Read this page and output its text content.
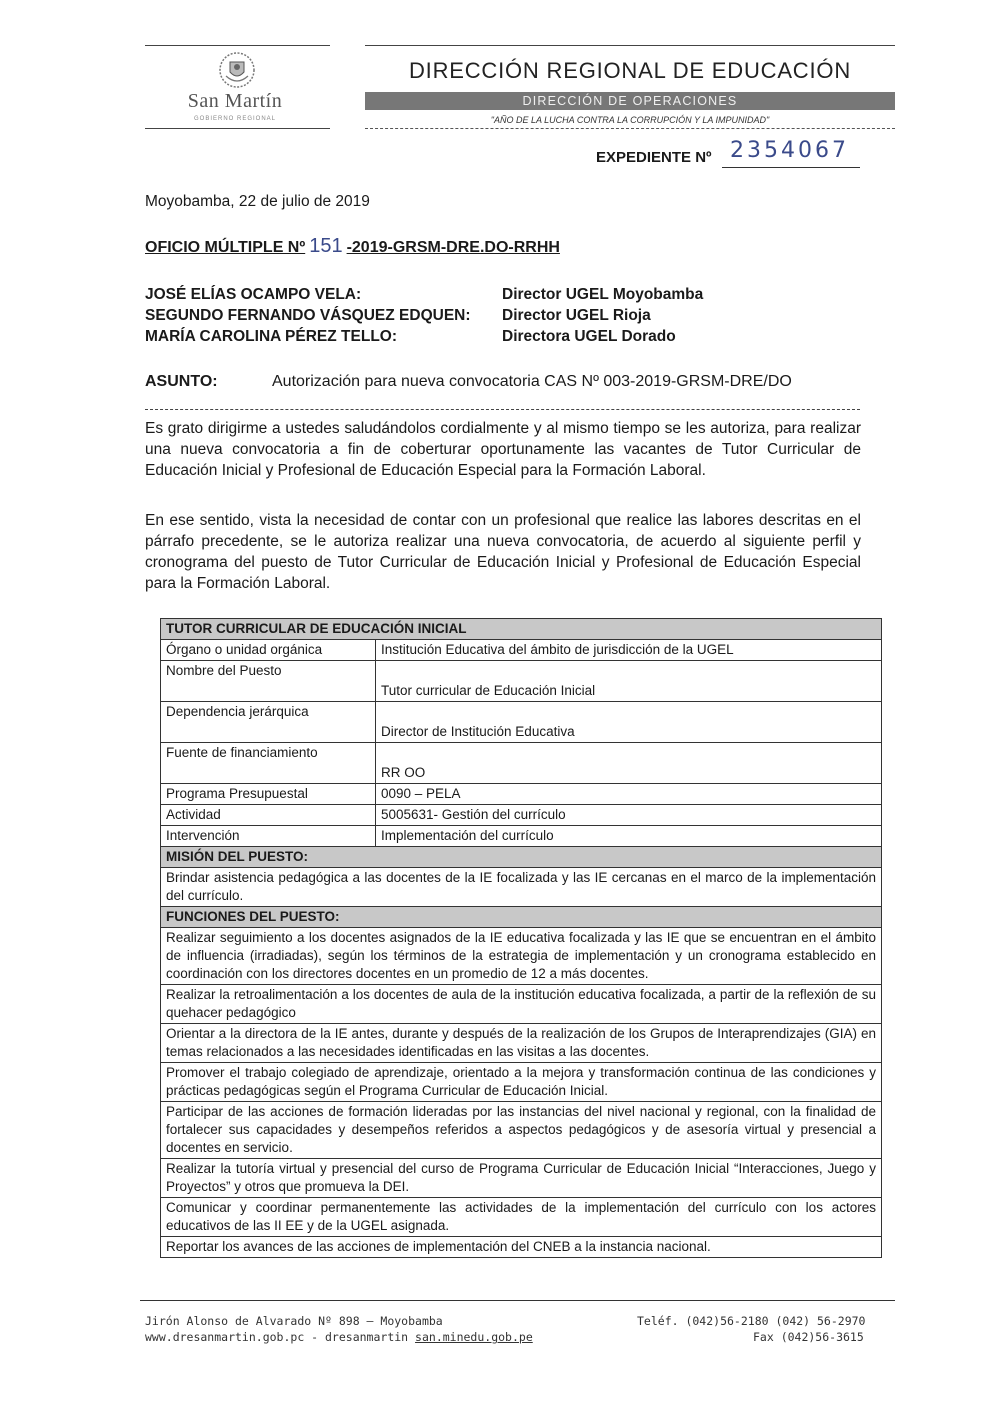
San Martín
GOBIERNO REGIONAL
DIRECCIÓN REGIONAL DE EDUCACIÓN
DIRECCIÓN DE OPERACIONES
"AÑO DE LA LUCHA CONTRA LA CORRUPCIÓN Y LA IMPUNIDAD"
EXPEDIENTE Nº 2354067
Moyobamba, 22 de julio de 2019
OFICIO MÚLTIPLE Nº 151 -2019-GRSM-DRE.DO-RRHH
JOSÉ ELÍAS OCAMPO VELA:	Director UGEL Moyobamba
SEGUNDO FERNANDO VÁSQUEZ EDQUEN: Director UGEL Rioja
MARÍA CAROLINA PÉREZ TELLO:	Directora UGEL Dorado
ASUNTO:	Autorización para nueva convocatoria CAS Nº 003-2019-GRSM-DRE/DO
Es grato dirigirme a ustedes saludándolos cordialmente y al mismo tiempo se les autoriza, para realizar una nueva convocatoria a fin de coberturar oportunamente las vacantes de Tutor Curricular de Educación Inicial y Profesional de Educación Especial para la Formación Laboral.
En ese sentido, vista la necesidad de contar con un profesional que realice las labores descritas en el párrafo precedente, se le autoriza realizar una nueva convocatoria, de acuerdo al siguiente perfil y cronograma del puesto de Tutor Curricular de Educación Inicial y Profesional de Educación Especial para la Formación Laboral.
TUTOR CURRICULAR DE EDUCACIÓN INICIAL	
Órgano o unidad orgánica	Institución Educativa del ámbito de jurisdicción de la UGEL
Nombre del Puesto	Tutor curricular de Educación Inicial
Dependencia jerárquica	Director de Institución Educativa
Fuente de financiamiento	RR OO
Programa Presupuestal	0090 – PELA
Actividad	5005631- Gestión del currículo
Intervención	Implementación del currículo
MISIÓN DEL PUESTO:	
Brindar asistencia pedagógica a las docentes de la IE focalizada y las IE cercanas en el marco de la implementación del currículo.	
FUNCIONES DEL PUESTO:	
Realizar seguimiento a los docentes asignados de la IE educativa focalizada y las IE que se encuentran en el ámbito de influencia (irradiadas), según los términos de la estrategia de implementación y un cronograma establecido en coordinación con los directores docentes en un promedio de 12 a más docentes.	
Realizar la retroalimentación a los docentes de aula de la institución educativa focalizada, a partir de la reflexión de su quehacer pedagógico	
Orientar a la directora de la IE antes, durante y después de la realización de los Grupos de Interaprendizajes (GIA) en temas relacionados a las necesidades identificadas en las visitas a las docentes.	
Promover el trabajo colegiado de aprendizaje, orientado a la mejora y transformación continua de las condiciones y prácticas pedagógicas según el Programa Curricular de Educación Inicial.	
Participar de las acciones de formación lideradas por las instancias del nivel nacional y regional, con la finalidad de fortalecer sus capacidades y desempeños referidos a aspectos pedagógicos y de asesoría virtual y presencial a docentes en servicio.	
Realizar la tutoría virtual y presencial del curso de Programa Curricular de Educación Inicial “Interacciones, Juego y Proyectos” y otros que promueva la DEI.	
Comunicar y coordinar permanentemente las actividades de la implementación del currículo con los actores educativos de las II EE y de la UGEL asignada.	
Reportar los avances de las acciones de implementación del CNEB a la instancia nacional.	
Jirón Alonso de Alvarado Nº 898 – Moyobamba
www.dresanmartin.gob.pc - dresanmartin san.minedu.gob.pe
Teléf. (042)56-2180 (042) 56-2970
Fax (042)56-3615
